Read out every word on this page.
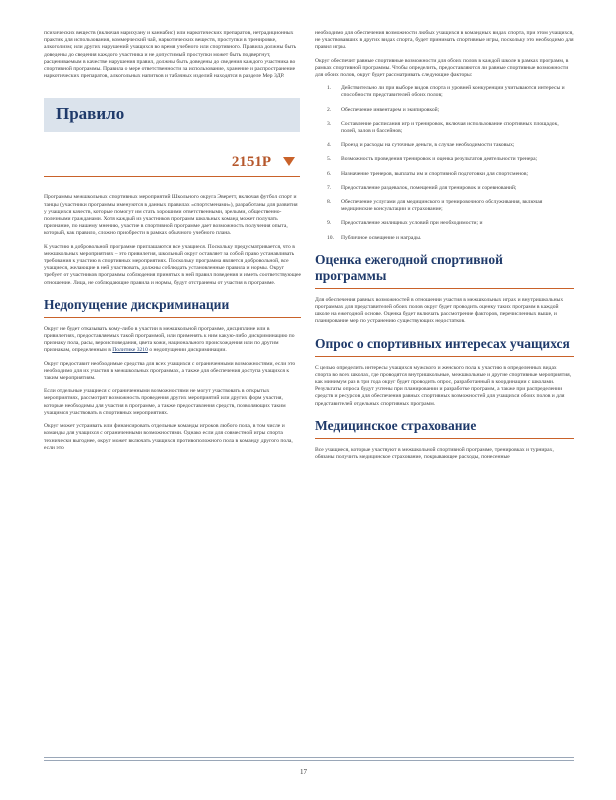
психических веществ (включая марихуану и каннабис) или наркотических препаратов, нетрадиционных практик для использования, коммерческий чай, наркотических веществ, проступки в тренировке, алкоголизм; или других нарушений учащихся во время учебного или спортивного. Правила должны быть доведены до сведения каждого участника и не допустимый проступки может быть подвергнут, расцениваемым в качестве нарушения правил, должны быть доведены до сведения каждого участника во спортивной программы. Правила о мере ответственности за использование, хранение и распространение наркотических препаратов, алкогольных напитков и табачных изделий находятся в разделе Мер 3ДР.

Правило
2151Р

Программы межшкольных спортивных мероприятий Школьного округа Эверетт, включая футбол спорт и танцы (участники программы именуются в данных правилах «спортсменами»), разработаны для развития у учащихся качеств, которые помогут им стать хорошими ответственными, зрелыми, общественно-полезными гражданами. Хотя каждый из участников программ школьных команд может получать признание, по нашему мнению, участие в спортивной программе дает возможность получения опыта, который, как правило, сложно приобрести в рамках обычного учебного плана.

К участию в добровольной программе приглашаются все учащиеся. Поскольку предусматривается, что в межшкольных мероприятиях – это привилегия, школьный округ оставляет за собой право устанавливать требования к участию в спортивных мероприятиях. Поскольку программа является добровольной, все учащиеся, желающие в ней участвовать, должны соблюдать установленные правила и нормы. Округ требует от участников программы соблюдения принятых в ней правил поведения и иметь соответствующее отношение. Лица, не соблюдающие правила и нормы, будут отстранены от участия в программе.

Недопущение дискриминации

Округ не будет отказывать кому-либо в участии в межшкольной программе, дисциплине или в привилегиях, предоставляемых такой программой, или применять к ним какую-либо дискриминацию по признаку пола, расы, вероисповедания, цвета кожи, национального происхождения или по другим признакам, определенным в Политике 3210 о недопущении дискриминации.

Округ предоставит необходимые средства для всех учащихся с ограниченными возможностями, если это необходимо для их участия в межшкольных программах, а также для обеспечения доступа учащихся к таким мероприятиям.

Если отдельные учащиеся с ограниченными возможностями не могут участвовать в открытых мероприятиях, рассмотрят возможность проведения других мероприятий или других форм участия, которые необходимы для участия в программе, а также предоставления средств, позволяющих таким учащимся участвовать в спортивных мероприятиях.

Округ может устраивать или финансировать отдельные команды игроков любого пола, в том числе и команды для учащихся с ограниченными возможностями. Однако если для совместной игры спорта технически выгоднее, округ может включать учащихся противоположного пола в команду другого пола, если это

необходимо для обеспечения возможности любых учащихся в командных видах спорта, при этом учащихся, не участвовавших в других видах спорта, будет принимать спортивные игры, поскольку это необходимо для правил игры.

Округ обеспечит равные спортивные возможности для обоих полов в каждой школе в рамках программ, в рамках спортивной программы. Чтобы определить, предоставляются ли равные спортивные возможности для обоих полов, округ будет рассматривать следующие факторы:

1. Действительно ли при выборе видов спорта и уровней конкуренции учитываются интересы и способности представителей обоих полов;
2. Обеспечение инвентарем и экипировкой;
3. Составление расписания игр и тренировок, включая использование спортивных площадок, полей, залов и бассейнов;
4. Проезд и расходы на суточные деньги, в случае необходимости таковых;
5. Возможность проведения тренировок и оценка результатов деятельности тренера;
6. Назначение тренеров, выплаты им и спортивной подготовки для спортсменов;
7. Предоставление раздевалок, помещений для тренировок и соревнований;
8. Обеспечение услугами для медицинского и тренировочного обслуживания, включая медицинские консультации и страхование;
9. Предоставление жилищных условий при необходимости; и
10. Публичное освещение и награды.
Оценка ежегодной спортивной программы

Для обеспечения равных возможностей в отношении участия в межшкольных играх и внутришкольных программах для представителей обоих полов округ будет проводить оценку таких программ в каждой школе на ежегодной основе. Оценка будет включать рассмотрение факторов, перечисленных выше, и планирование мер по устранению существующих недостатков.

Опрос о спортивных интересах учащихся

С целью определить интересы учащихся мужского и женского пола к участию в определенных видах спорта во всех школах, где проводятся внутришкольные, межшкольные и другие спортивные мероприятия, как минимум раз в три года округ будет проводить опрос, разработанный в координации с школами. Результаты опроса будут учтены при планировании и разработке программ, а также при распределении средств и ресурсов для обеспечения равных спортивных возможностей для учащихся обоих полов и для представителей отдельных спортивных программ.

Медицинское страхование

Все учащиеся, которые участвуют в межшкольной спортивной программе, тренировках и турнирах, обязаны получить медицинское страхование, покрывающее расходы, понесенные

17
